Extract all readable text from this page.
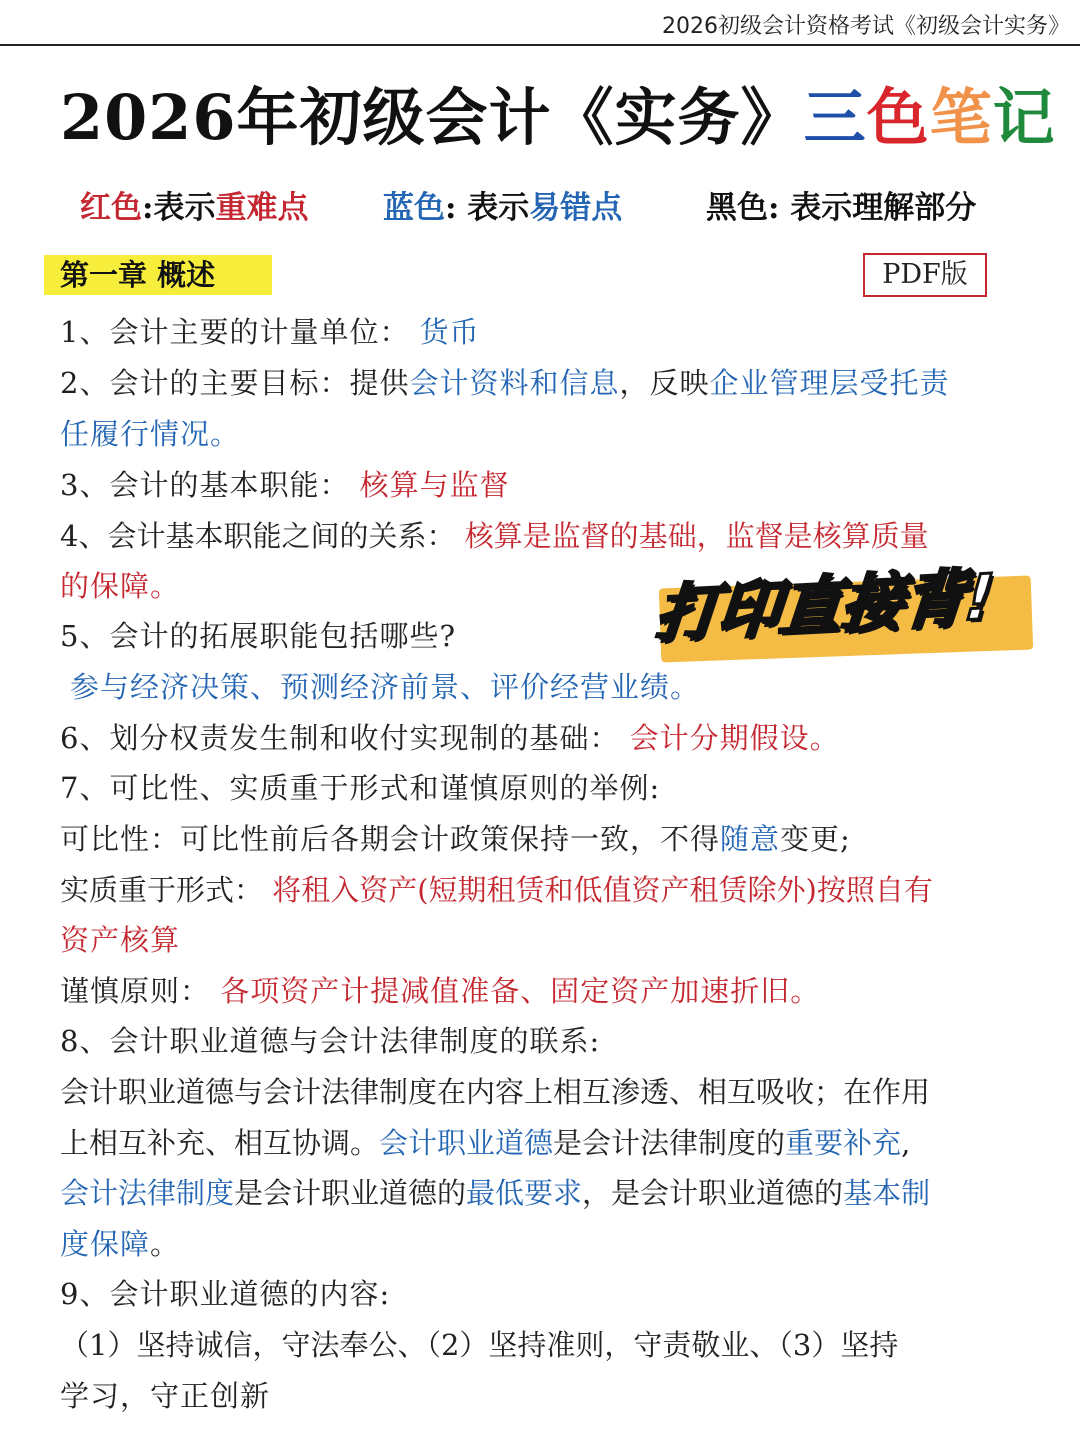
2026初级会计资格考试《初级会计实务》
2026年初级会计《实务》三色笔记
红色:表示重难点 蓝色: 表示易错点	黑色: 表示理解部分
第一章 概述	PDF版
1、会计主要的计量单位： 货币
2、会计的主要目标：提供会计资料和信息，反映企业管理层受托责
任履行情况。
3、会计的基本职能： 核算与监督
4、会计基本职能之间的关系： 核算是监督的基础，监督是核算质量
的保障。	打印直接背!
5、会计的拓展职能包括哪些?
参与经济决策、预测经济前景、评价经营业绩。
6、划分权责发生制和收付实现制的基础： 会计分期假设。
7、可比性、实质重于形式和谨慎原则的举例:
可比性：可比性前后各期会计政策保持一致，不得随意变更;
实质重于形式： 将租入资产(短期租赁和低值资产租赁除外)按照自有
资产核算
谨慎原则： 各项资产计提减值准备、固定资产加速折旧。
8、会计职业道德与会计法律制度的联系:
会计职业道德与会计法律制度在内容上相互渗透、相互吸收；在作用
上相互补充、相互协调。会计职业道德是会计法律制度的重要补充,
会计法律制度是会计职业道德的最低要求，是会计职业道德的基本制
度保障。
9、会计职业道德的内容:
（1）坚持诚信，守法奉公、（2）坚持准则，守责敬业、（3）坚持
学习，守正创新
